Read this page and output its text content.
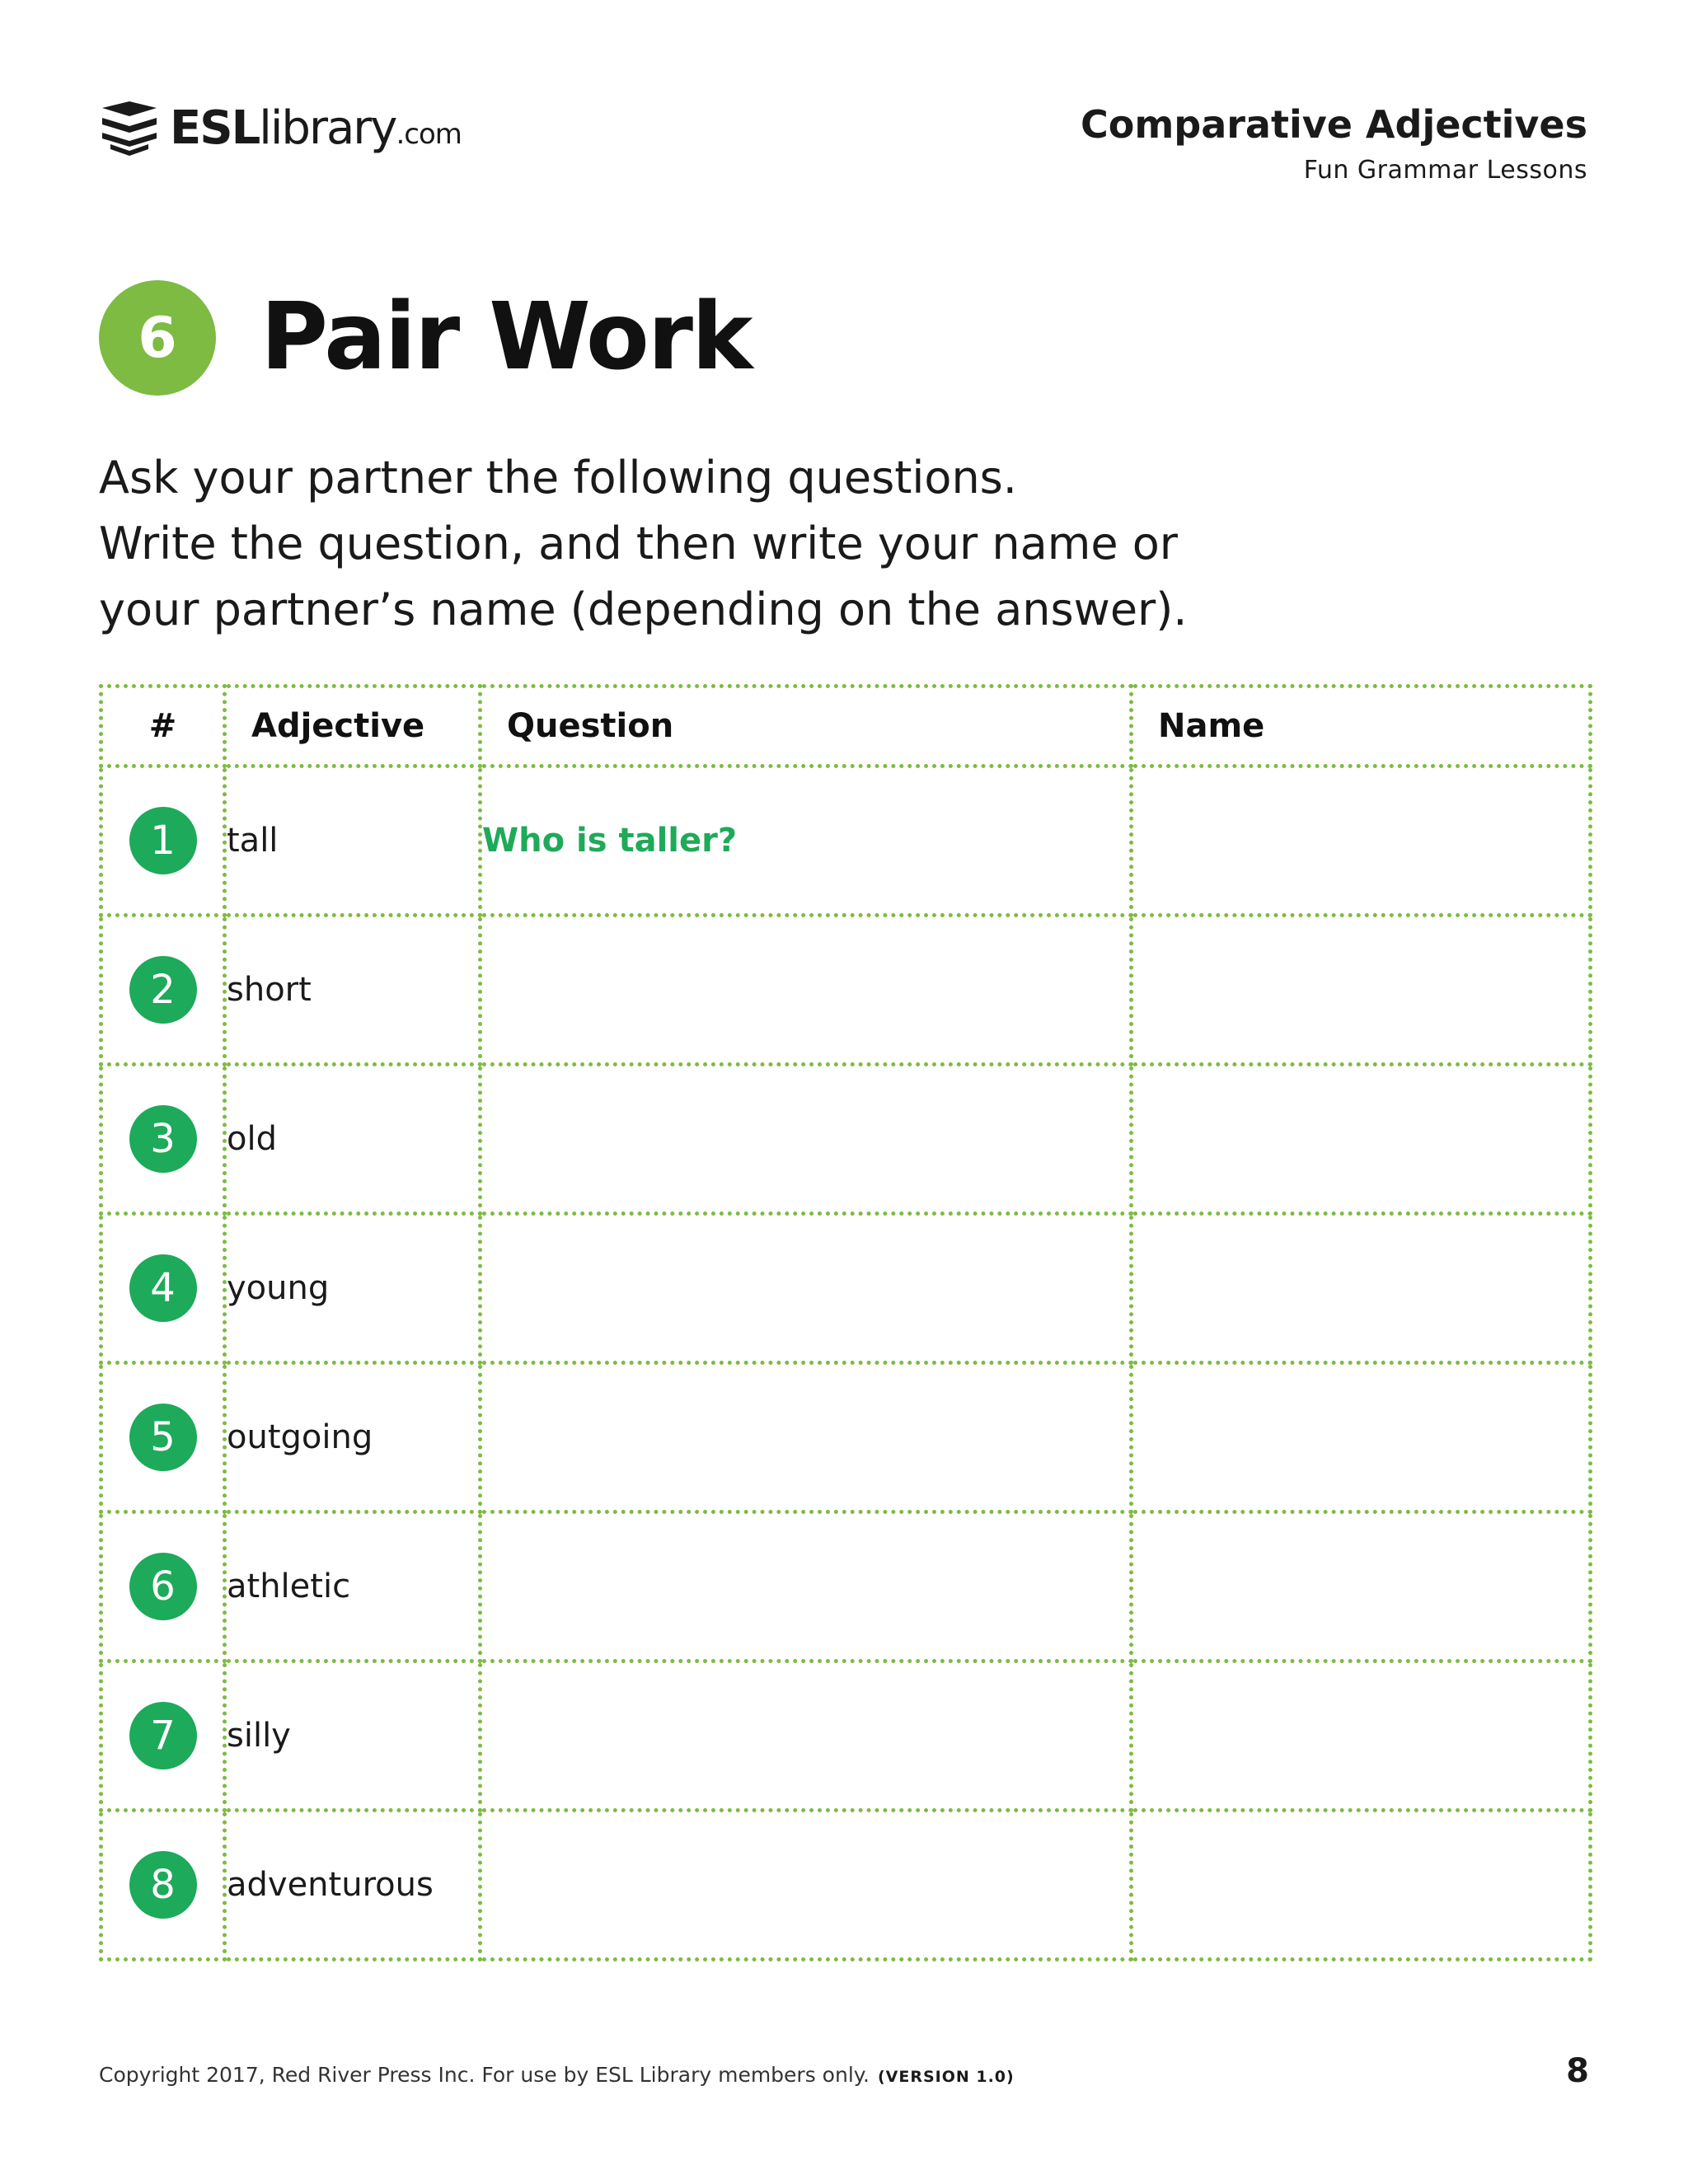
ESLlibrary.com	Comparative Adjectives
Fun Grammar Lessons
6 Pair Work
Ask your partner the following questions.
Write the question, and then write your name or
your partner’s name (depending on the answer).
#	Adjective	Question	Name
1	tall	Who is taller?	
2	short		
3	old		
4	young		
5	outgoing		
6	athletic		
7	silly		
8	adventurous		
Copyright 2017, Red River Press Inc. For use by ESL Library members only. (VERSION 1.0)	8
